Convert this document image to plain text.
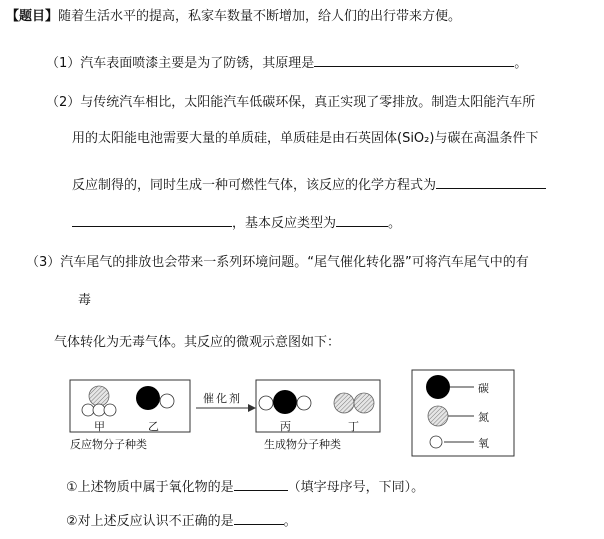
【题目】随着生活水平的提高，私家车数量不断增加，给人们的出行带来方便。
（1）汽车表面喷漆主要是为了防锈，其原理是	。
（2）与传统汽车相比，太阳能汽车低碳环保，真正实现了零排放。制造太阳能汽车所
用的太阳能电池需要大量的单质硅，单质硅是由石英固体(SiO₂)与碳在高温条件下
反应制得的，同时生成一种可燃性气体，该反应的化学方程式为
，基本反应类型为	。
（3）汽车尾气的排放也会带来一系列环境问题。“尾气催化转化器”可将汽车尾气中的有
毒
气体转化为无毒气体。其反应的微观示意图如下：
甲	乙
反应物分子种类
催化剂
丙	丁
生成物分子种类
碳
氮
氧
①上述物质中属于氧化物的是	（填字母序号，下同）。
②对上述反应认识不正确的是	。
